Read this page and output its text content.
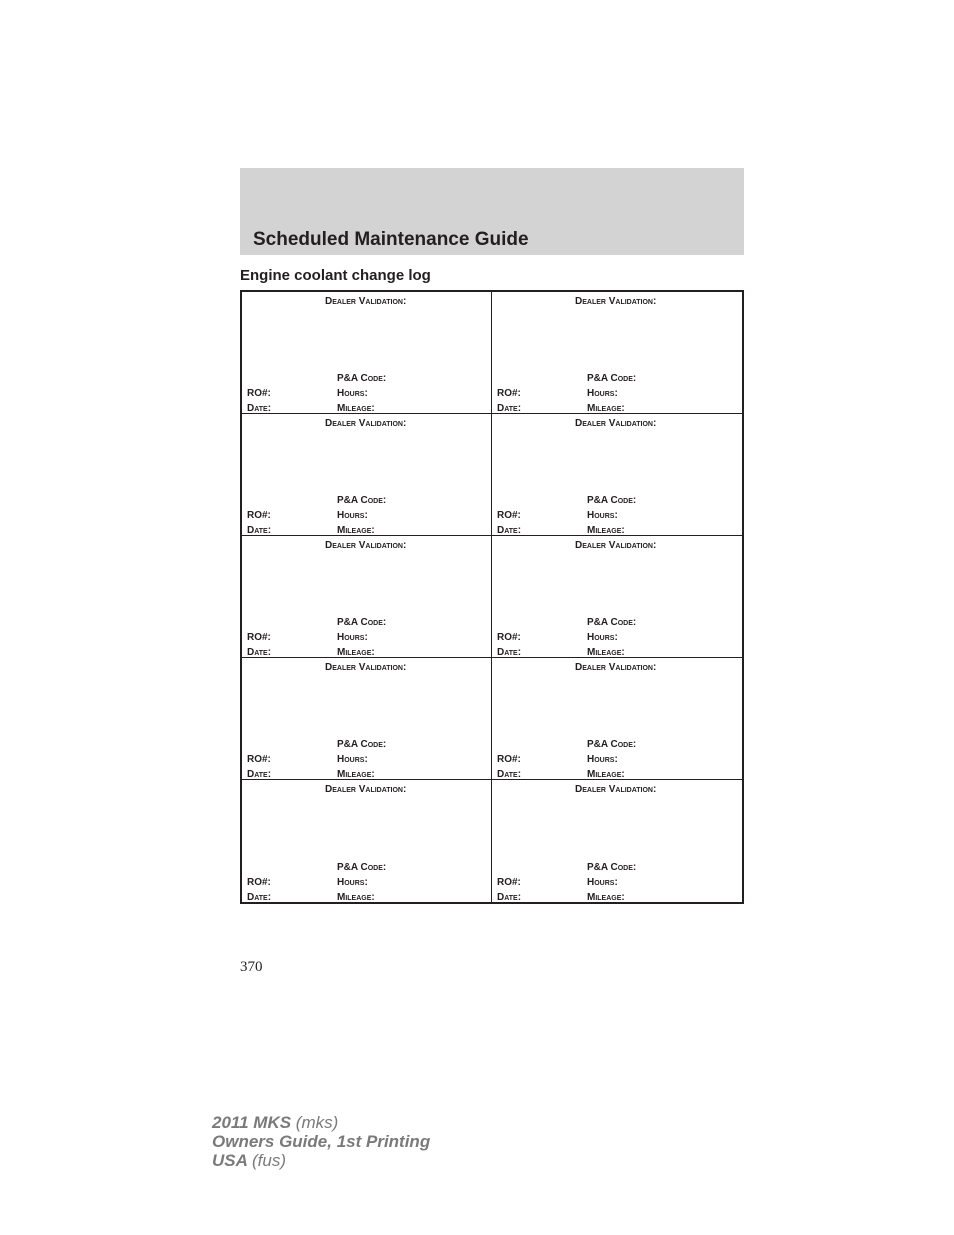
Scheduled Maintenance Guide
Engine coolant change log
Dealer Validation:
P&A Code:
RO#:	Hours:
Date:	Mileage:
Dealer Validation:
P&A Code:
RO#:	Hours:
Date:	Mileage:
Dealer Validation:
P&A Code:
RO#:	Hours:
Date:	Mileage:
Dealer Validation:
P&A Code:
RO#:	Hours:
Date:	Mileage:
Dealer Validation:
P&A Code:
RO#:	Hours:
Date:	Mileage:
Dealer Validation:
P&A Code:
RO#:	Hours:
Date:	Mileage:
Dealer Validation:
P&A Code:
RO#:	Hours:
Date:	Mileage:
Dealer Validation:
P&A Code:
RO#:	Hours:
Date:	Mileage:
Dealer Validation:
P&A Code:
RO#:	Hours:
Date:	Mileage:
Dealer Validation:
P&A Code:
RO#:	Hours:
Date:	Mileage:
370
2011 MKS (mks)
Owners Guide, 1st Printing
USA (fus)
